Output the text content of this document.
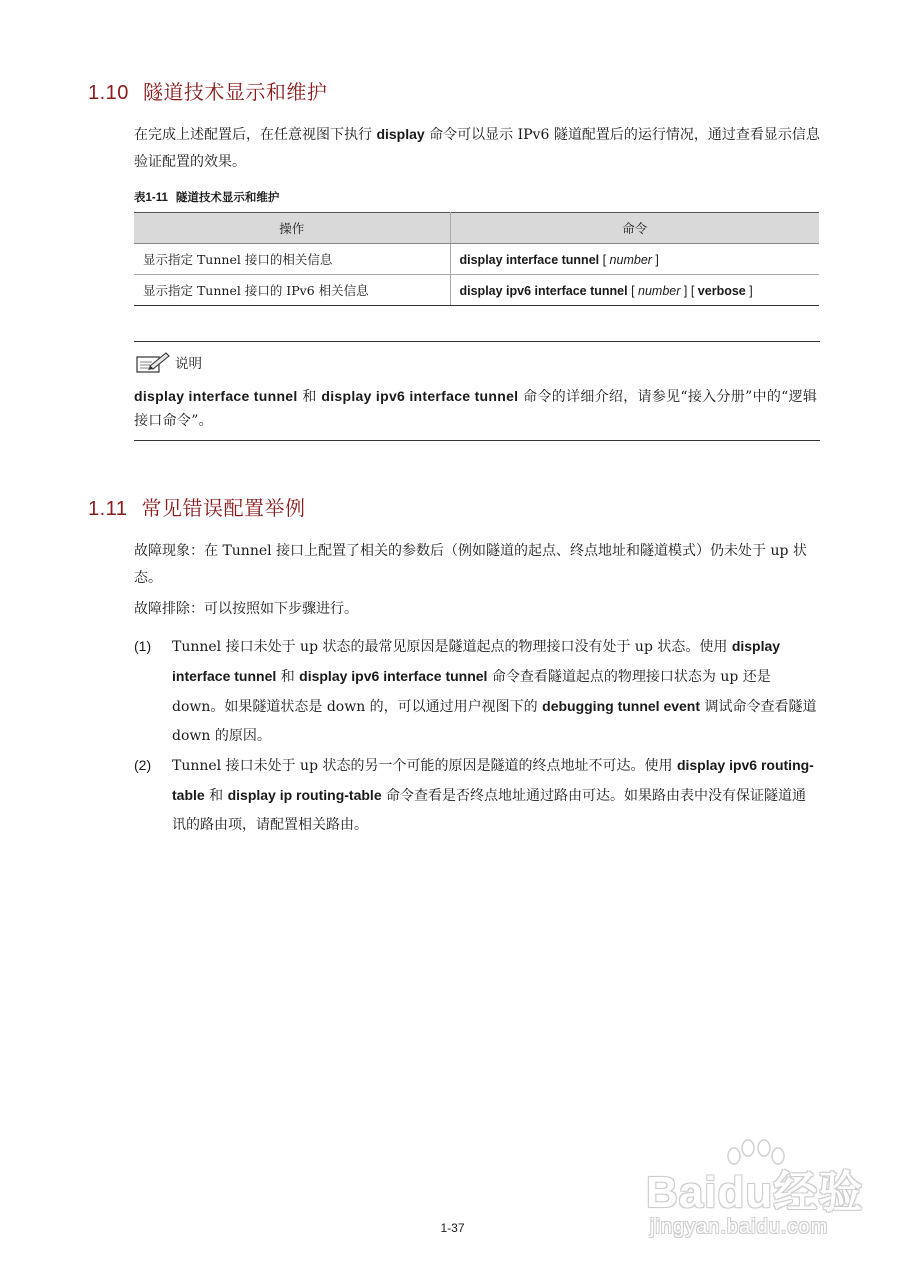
1.10 隧道技术显示和维护
在完成上述配置后，在任意视图下执行 display 命令可以显示 IPv6 隧道配置后的运行情况，通过查看显示信息验证配置的效果。
表1-11 隧道技术显示和维护
操作	命令
显示指定 Tunnel 接口的相关信息	display interface tunnel [ number ]
显示指定 Tunnel 接口的 IPv6 相关信息	display ipv6 interface tunnel [ number ] [ verbose ]
说明
display interface tunnel 和 display ipv6 interface tunnel 命令的详细介绍，请参见“接入分册”中的“逻辑接口命令”。
1.11 常见错误配置举例
故障现象：在 Tunnel 接口上配置了相关的参数后（例如隧道的起点、终点地址和隧道模式）仍未处于 up 状态。
故障排除：可以按照如下步骤进行。
(1) Tunnel 接口未处于 up 状态的最常见原因是隧道起点的物理接口没有处于 up 状态。使用 display interface tunnel 和 display ipv6 interface tunnel 命令查看隧道起点的物理接口状态为 up 还是 down。如果隧道状态是 down 的，可以通过用户视图下的 debugging tunnel event 调试命令查看隧道 down 的原因。
(2) Tunnel 接口未处于 up 状态的另一个可能的原因是隧道的终点地址不可达。使用 display ipv6 routing-table 和 display ip routing-table 命令查看是否终点地址通过路由可达。如果路由表中没有保证隧道通讯的路由项，请配置相关路由。
Baidu经验
jingyan.baidu.com
1-37
